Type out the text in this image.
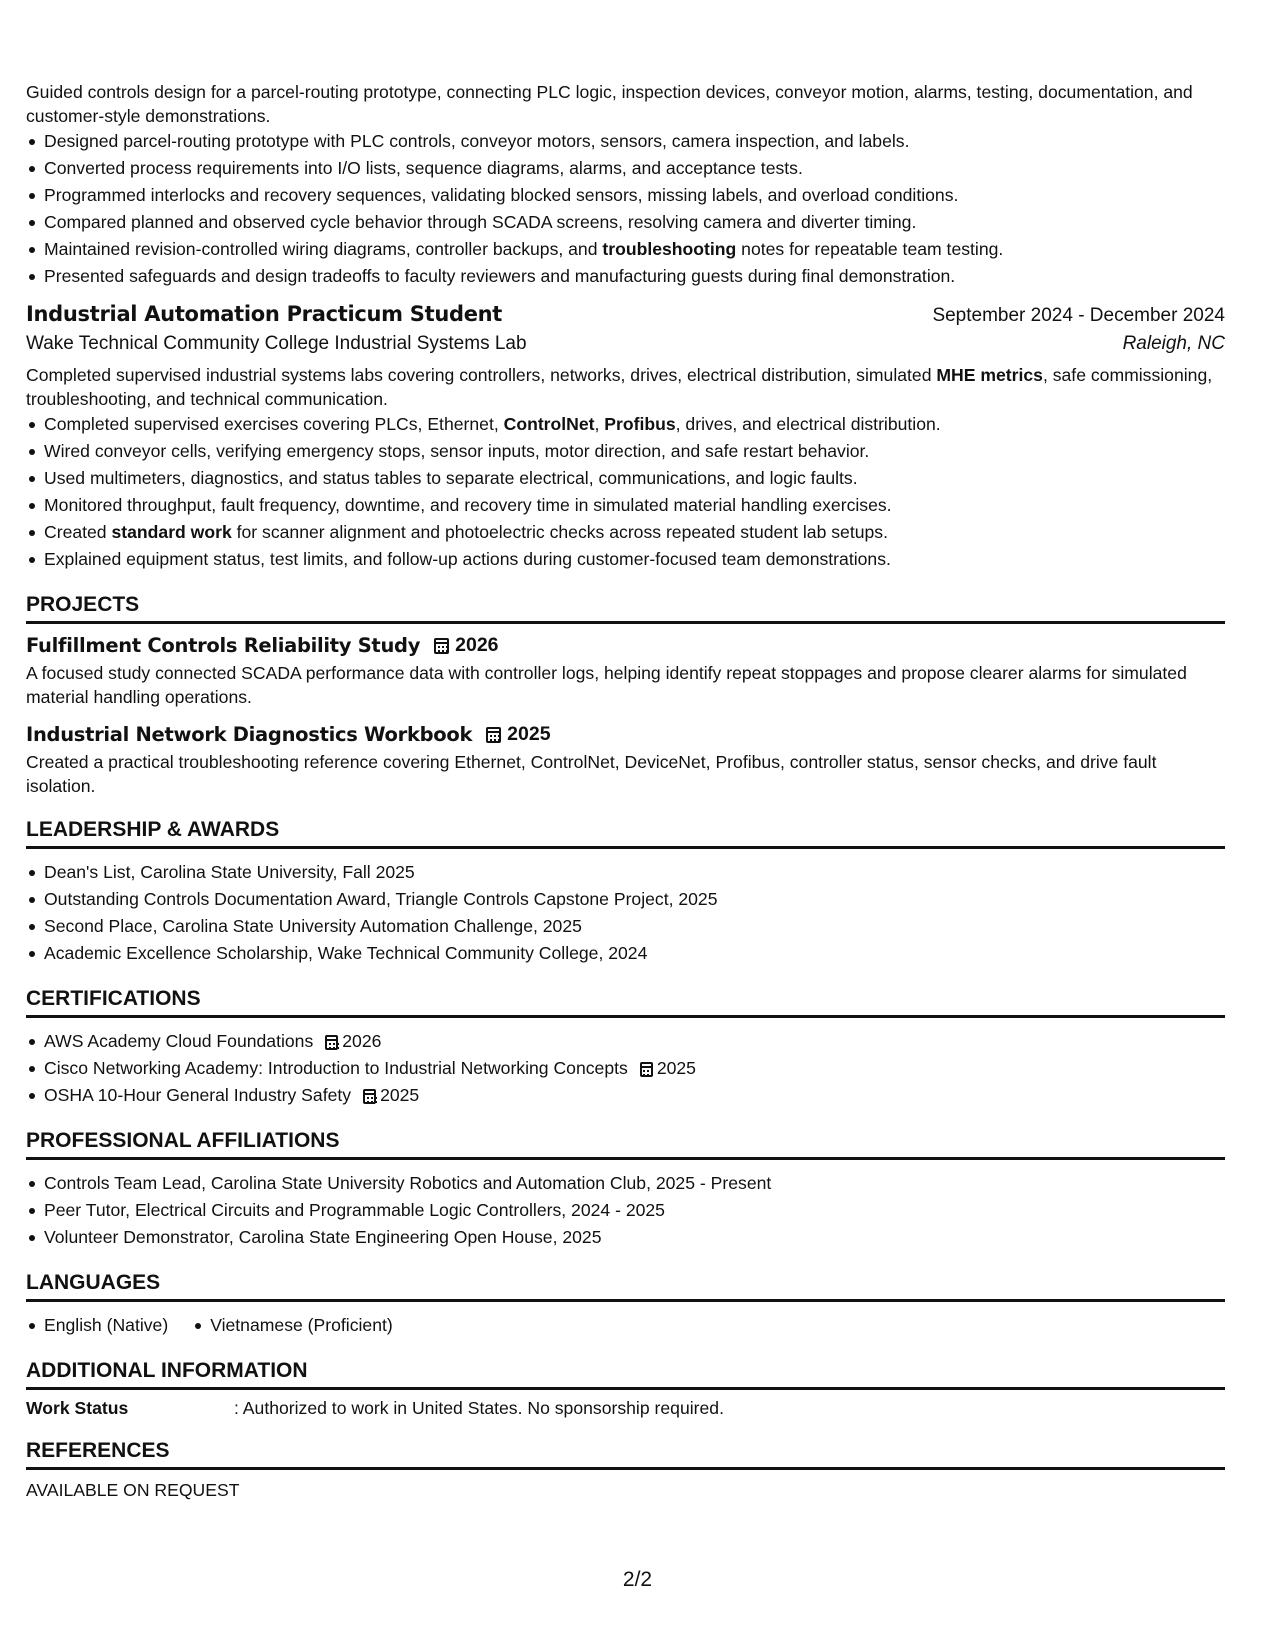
Guided controls design for a parcel-routing prototype, connecting PLC logic, inspection devices, conveyor motion, alarms, testing, documentation, and customer-style demonstrations.

Designed parcel-routing prototype with PLC controls, conveyor motors, sensors, camera inspection, and labels.
Converted process requirements into I/O lists, sequence diagrams, alarms, and acceptance tests.
Programmed interlocks and recovery sequences, validating blocked sensors, missing labels, and overload conditions.
Compared planned and observed cycle behavior through SCADA screens, resolving camera and diverter timing.
Maintained revision-controlled wiring diagrams, controller backups, and troubleshooting notes for repeatable team testing.
Presented safeguards and design tradeoffs to faculty reviewers and manufacturing guests during final demonstration.
Industrial Automation Practicum Student	September 2024 - December 2024
Wake Technical Community College Industrial Systems Lab	Raleigh, NC

Completed supervised industrial systems labs covering controllers, networks, drives, electrical distribution, simulated MHE metrics, safe commissioning, troubleshooting, and technical communication.

Completed supervised exercises covering PLCs, Ethernet, ControlNet, Profibus, drives, and electrical distribution.
Wired conveyor cells, verifying emergency stops, sensor inputs, motor direction, and safe restart behavior.
Used multimeters, diagnostics, and status tables to separate electrical, communications, and logic faults.
Monitored throughput, fault frequency, downtime, and recovery time in simulated material handling exercises.
Created standard work for scanner alignment and photoelectric checks across repeated student lab setups.
Explained equipment status, test limits, and follow-up actions during customer-focused team demonstrations.
PROJECTS
Fulfillment Controls Reliability Study 2026

A focused study connected SCADA performance data with controller logs, helping identify repeat stoppages and propose clearer alarms for simulated material handling operations.

Industrial Network Diagnostics Workbook 2025

Created a practical troubleshooting reference covering Ethernet, ControlNet, DeviceNet, Profibus, controller status, sensor checks, and drive fault isolation.

LEADERSHIP & AWARDS
Dean's List, Carolina State University, Fall 2025
Outstanding Controls Documentation Award, Triangle Controls Capstone Project, 2025
Second Place, Carolina State University Automation Challenge, 2025
Academic Excellence Scholarship, Wake Technical Community College, 2024
CERTIFICATIONS
AWS Academy Cloud Foundations 2026
Cisco Networking Academy: Introduction to Industrial Networking Concepts 2025
OSHA 10-Hour General Industry Safety 2025
PROFESSIONAL AFFILIATIONS
Controls Team Lead, Carolina State University Robotics and Automation Club, 2025 - Present
Peer Tutor, Electrical Circuits and Programmable Logic Controllers, 2024 - 2025
Volunteer Demonstrator, Carolina State Engineering Open House, 2025
LANGUAGES
English (Native)	Vietnamese (Proficient)
ADDITIONAL INFORMATION
Work Status	: Authorized to work in United States. No sponsorship required.
REFERENCES

AVAILABLE ON REQUEST

2/2
